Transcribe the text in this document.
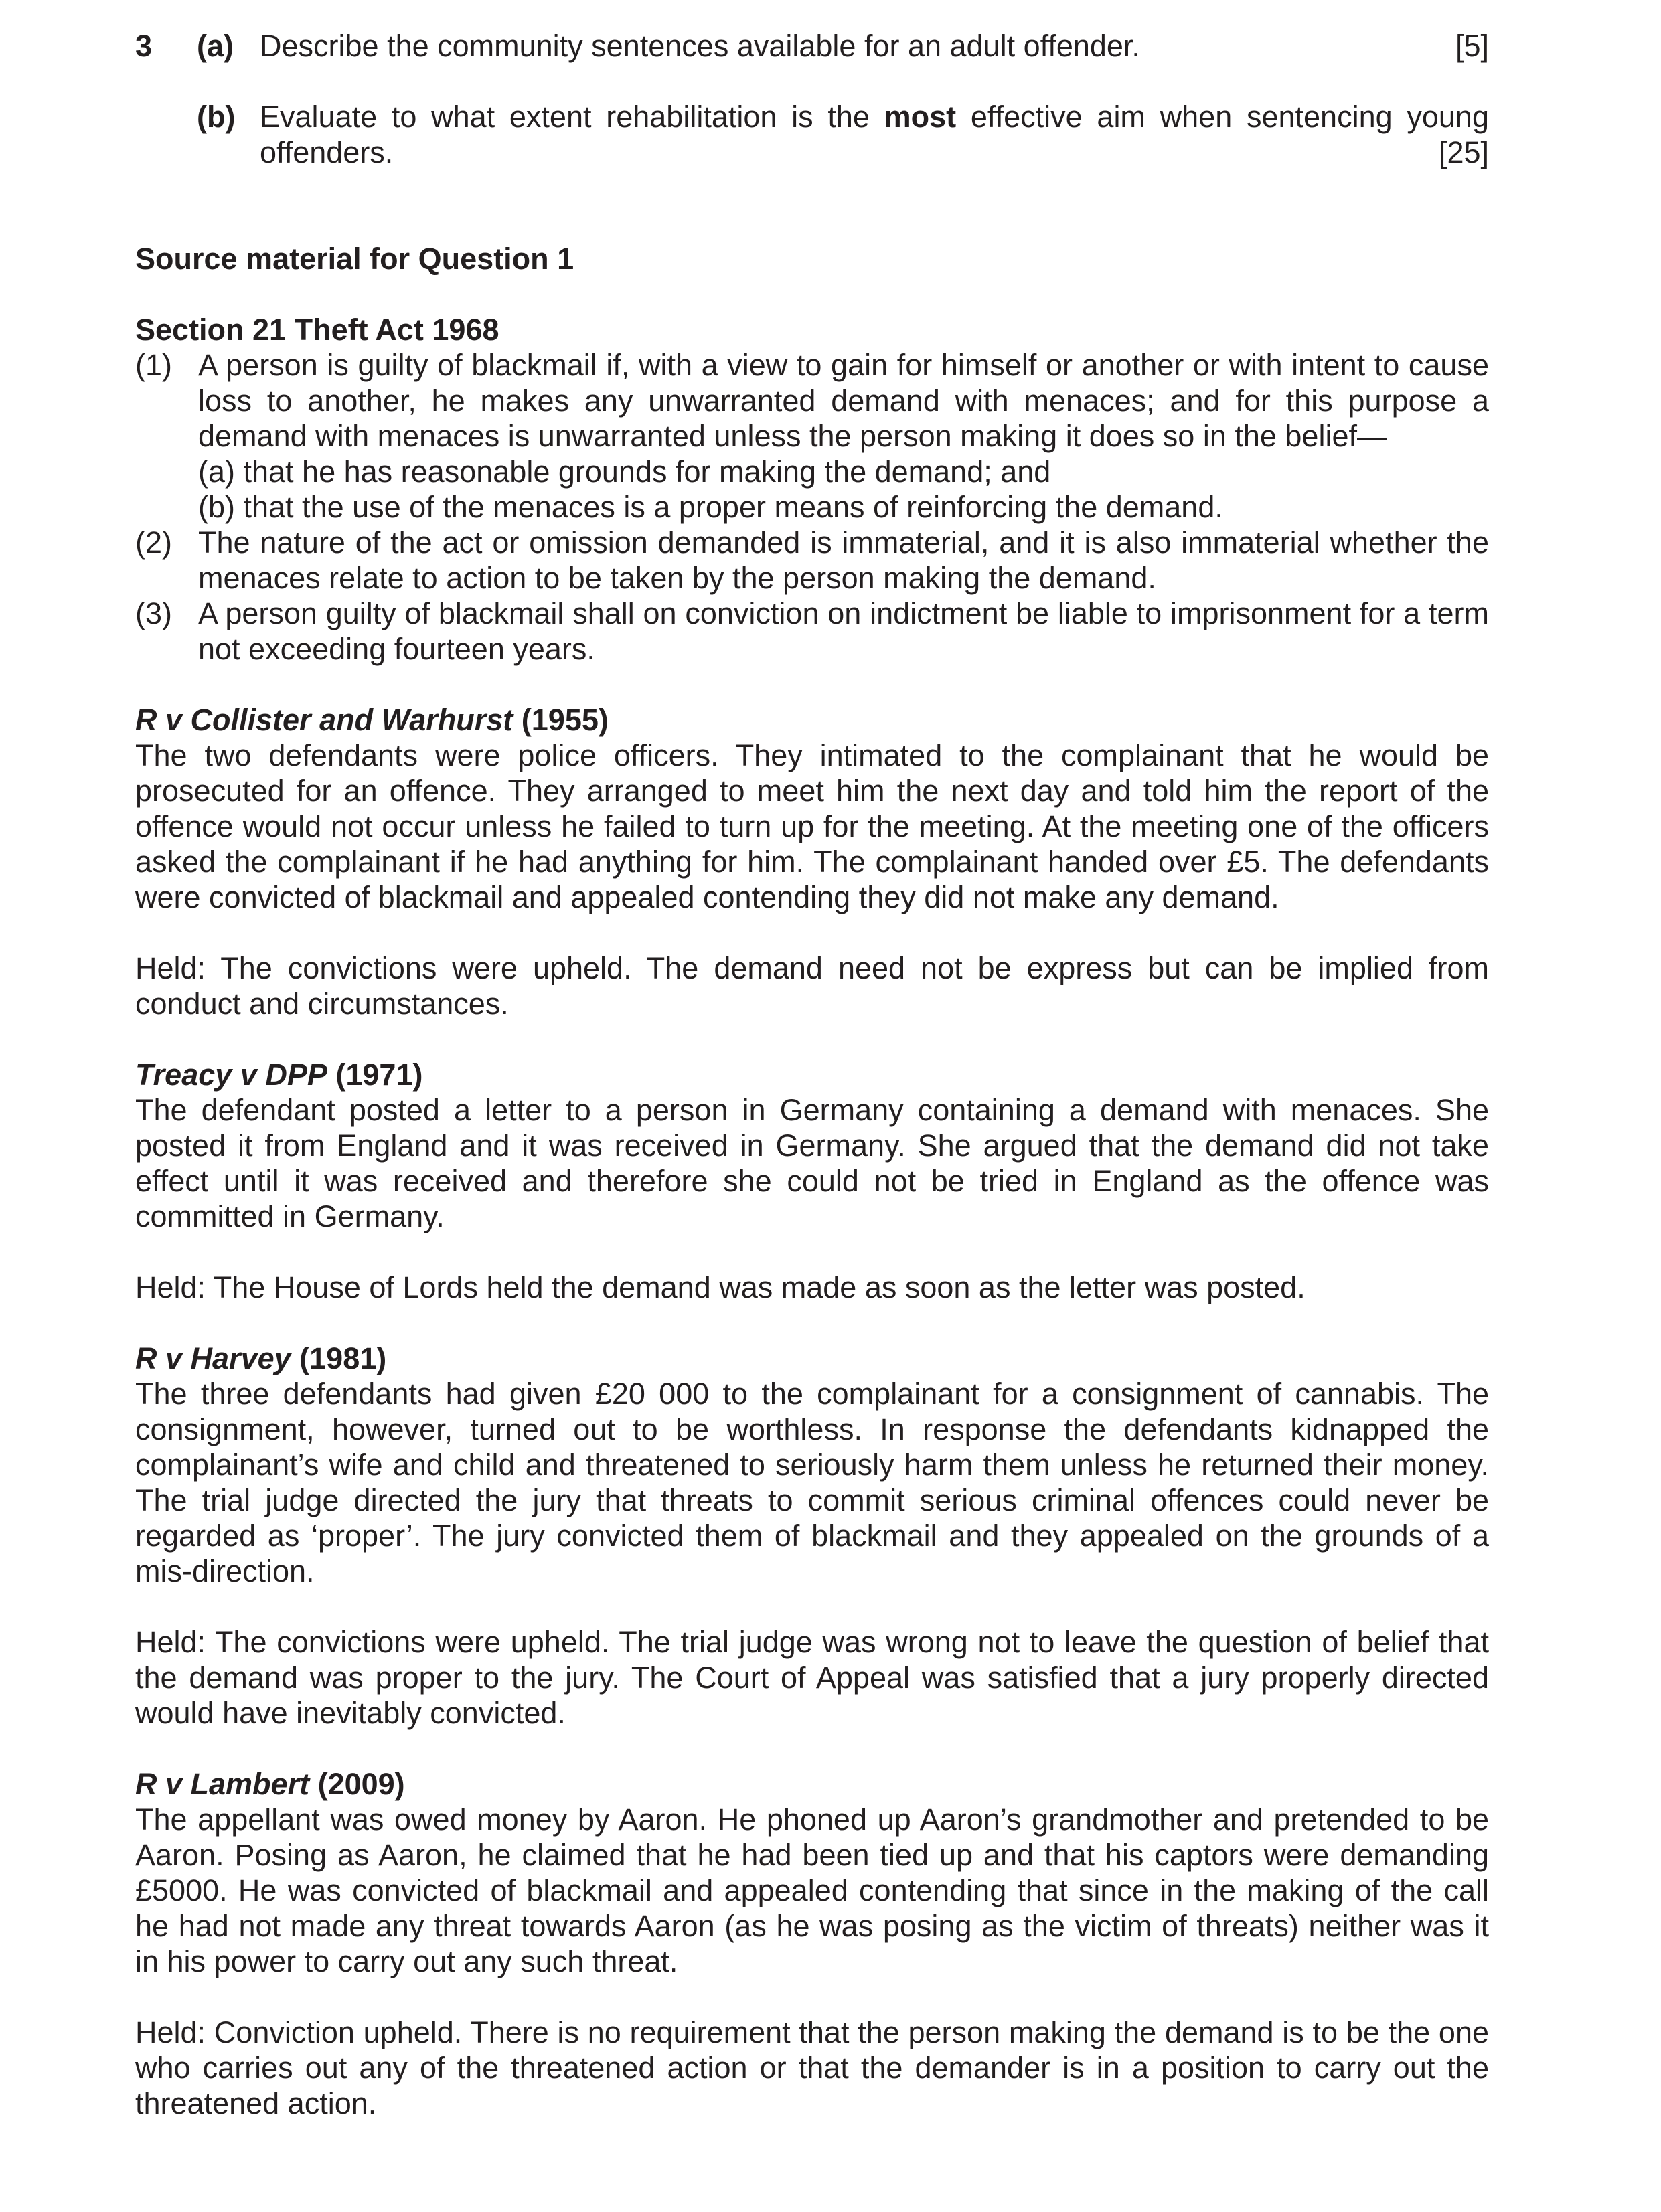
3	(a) Describe the community sentences available for an adult offender.	[5]
(b) Evaluate to what extent rehabilitation is the most effective aim when sentencing young
offenders.	[25]
Source material for Question 1
Section 21 Theft Act 1968
(1) A person is guilty of blackmail if, with a view to gain for himself or another or with intent to cause loss to another, he makes any unwarranted demand with menaces; and for this purpose a demand with menaces is unwarranted unless the person making it does so in the belief—

(a) that he has reasonable grounds for making the demand; and

(b) that the use of the menaces is a proper means of reinforcing the demand.

(2) The nature of the act or omission demanded is immaterial, and it is also immaterial whether the menaces relate to action to be taken by the person making the demand.

(3) A person guilty of blackmail shall on conviction on indictment be liable to imprisonment for a term not exceeding fourteen years.

R v Collister and Warhurst (1955)

The two defendants were police officers. They intimated to the complainant that he would be prosecuted for an offence. They arranged to meet him the next day and told him the report of the offence would not occur unless he failed to turn up for the meeting. At the meeting one of the officers asked the complainant if he had anything for him. The complainant handed over £5. The defendants were convicted of blackmail and appealed contending they did not make any demand.

Held: The convictions were upheld. The demand need not be express but can be implied from conduct and circumstances.

Treacy v DPP (1971)

The defendant posted a letter to a person in Germany containing a demand with menaces. She posted it from England and it was received in Germany. She argued that the demand did not take effect until it was received and therefore she could not be tried in England as the offence was committed in Germany.

Held: The House of Lords held the demand was made as soon as the letter was posted.

R v Harvey (1981)

The three defendants had given £20 000 to the complainant for a consignment of cannabis. The consignment, however, turned out to be worthless. In response the defendants kidnapped the complainant’s wife and child and threatened to seriously harm them unless he returned their money. The trial judge directed the jury that threats to commit serious criminal offences could never be regarded as ‘proper’. The jury convicted them of blackmail and they appealed on the grounds of a mis-direction.

Held: The convictions were upheld. The trial judge was wrong not to leave the question of belief that the demand was proper to the jury. The Court of Appeal was satisfied that a jury properly directed would have inevitably convicted.

R v Lambert (2009)

The appellant was owed money by Aaron. He phoned up Aaron’s grandmother and pretended to be Aaron. Posing as Aaron, he claimed that he had been tied up and that his captors were demanding £5000. He was convicted of blackmail and appealed contending that since in the making of the call he had not made any threat towards Aaron (as he was posing as the victim of threats) neither was it in his power to carry out any such threat.

Held: Conviction upheld. There is no requirement that the person making the demand is to be the one who carries out any of the threatened action or that the demander is in a position to carry out the threatened action.
